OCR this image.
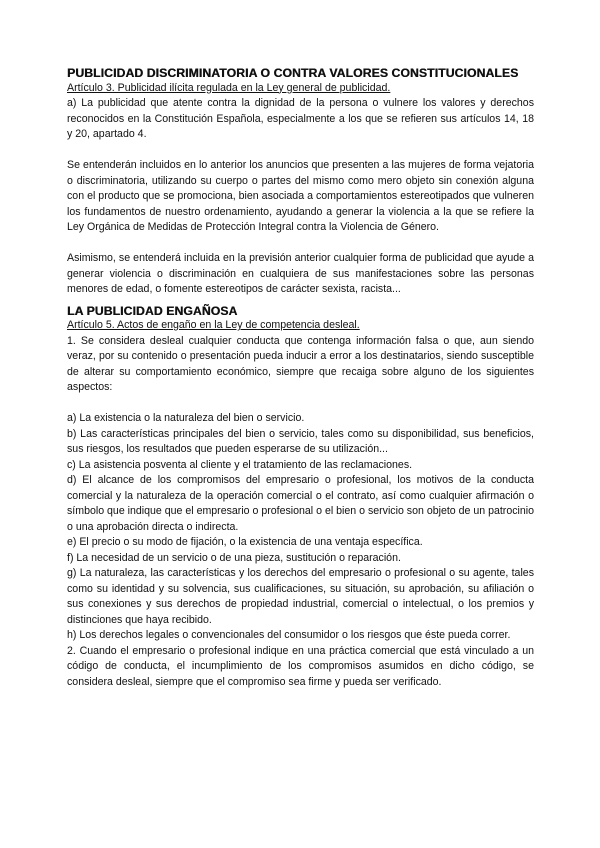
PUBLICIDAD DISCRIMINATORIA O CONTRA VALORES CONSTITUCIONALES

Artículo 3. Publicidad ilícita regulada en la Ley general de publicidad.

a) La publicidad que atente contra la dignidad de la persona o vulnere los valores y derechos reconocidos en la Constitución Española, especialmente a los que se refieren sus artículos 14, 18 y 20, apartado 4.

Se entenderán incluidos en lo anterior los anuncios que presenten a las mujeres de forma vejatoria o discriminatoria, utilizando su cuerpo o partes del mismo como mero objeto sin conexión alguna con el producto que se promociona, bien asociada a comportamientos estereotipados que vulneren los fundamentos de nuestro ordenamiento, ayudando a generar la violencia a la que se refiere la Ley Orgánica de Medidas de Protección Integral contra la Violencia de Género.

Asimismo, se entenderá incluida en la previsión anterior cualquier forma de publicidad que ayude a generar violencia o discriminación en cualquiera de sus manifestaciones sobre las personas menores de edad, o fomente estereotipos de carácter sexista, racista...

LA PUBLICIDAD ENGAÑOSA

Artículo 5. Actos de engaño en la Ley de competencia desleal.

1. Se considera desleal cualquier conducta que contenga información falsa o que, aun siendo veraz, por su contenido o presentación pueda inducir a error a los destinatarios, siendo susceptible de alterar su comportamiento económico, siempre que recaiga sobre alguno de los siguientes aspectos:

a) La existencia o la naturaleza del bien o servicio.

b) Las características principales del bien o servicio, tales como su disponibilidad, sus beneficios, sus riesgos, los resultados que pueden esperarse de su utilización...

c) La asistencia posventa al cliente y el tratamiento de las reclamaciones.

d) El alcance de los compromisos del empresario o profesional, los motivos de la conducta comercial y la naturaleza de la operación comercial o el contrato, así como cualquier afirmación o símbolo que indique que el empresario o profesional o el bien o servicio son objeto de un patrocinio o una aprobación directa o indirecta.

e) El precio o su modo de fijación, o la existencia de una ventaja específica.

f) La necesidad de un servicio o de una pieza, sustitución o reparación.

g) La naturaleza, las características y los derechos del empresario o profesional o su agente, tales como su identidad y su solvencia, sus cualificaciones, su situación, su aprobación, su afiliación o sus conexiones y sus derechos de propiedad industrial, comercial o intelectual, o los premios y distinciones que haya recibido.

h) Los derechos legales o convencionales del consumidor o los riesgos que éste pueda correr.

2. Cuando el empresario o profesional indique en una práctica comercial que está vinculado a un código de conducta, el incumplimiento de los compromisos asumidos en dicho código, se considera desleal, siempre que el compromiso sea firme y pueda ser verificado.
